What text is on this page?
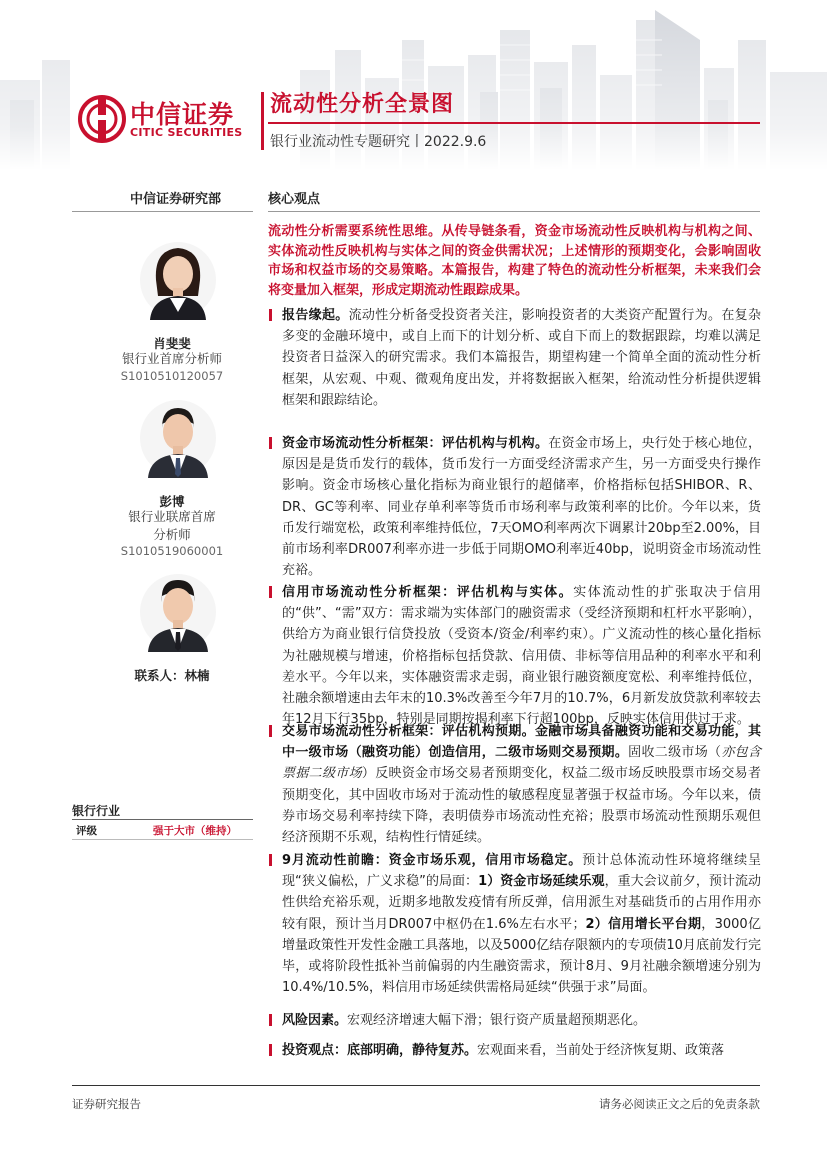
中信证券
CITIC SECURITIES
流动性分析全景图
银行业流动性专题研究丨2022.9.6
中信证券研究部	核心观点
肖斐斐
银行业首席分析师
S1010510120057
彭博
银行业联席首席
分析师
S1010519060001
联系人：林楠
银行行业
评级	强于大市（维持）
流动性分析需要系统性思维。从传导链条看，资金市场流动性反映机构与机构之间、实体流动性反映机构与实体之间的资金供需状况；上述情形的预期变化，会影响固收市场和权益市场的交易策略。本篇报告，构建了特色的流动性分析框架，未来我们会将变量加入框架，形成定期流动性跟踪成果。

报告缘起。流动性分析备受投资者关注，影响投资者的大类资产配置行为。在复杂多变的金融环境中，或自上而下的计划分析、或自下而上的数据跟踪，均难以满足投资者日益深入的研究需求。我们本篇报告，期望构建一个简单全面的流动性分析框架，从宏观、中观、微观角度出发，并将数据嵌入框架，给流动性分析提供逻辑框架和跟踪结论。

资金市场流动性分析框架：评估机构与机构。在资金市场上，央行处于核心地位，原因是是货币发行的载体，货币发行一方面受经济需求产生，另一方面受央行操作影响。资金市场核心量化指标为商业银行的超储率，价格指标包括SHIBOR、R、DR、GC等利率、同业存单利率等货币市场利率与政策利率的比价。今年以来，货币发行端宽松，政策利率维持低位，7天OMO利率两次下调累计20bp至2.00%，目前市场利率DR007利率亦进一步低于同期OMO利率近40bp，说明资金市场流动性充裕。

信用市场流动性分析框架：评估机构与实体。实体流动性的扩张取决于信用的“供”、“需”双方：需求端为实体部门的融资需求（受经济预期和杠杆水平影响），供给方为商业银行信贷投放（受资本/资金/利率约束）。广义流动性的核心量化指标为社融规模与增速，价格指标包括贷款、信用债、非标等信用品种的利率水平和利差水平。今年以来，实体融资需求走弱，商业银行融资额度宽松、利率维持低位，社融余额增速由去年末的10.3%改善至今年7月的10.7%，6月新发放贷款利率较去年12月下行35bp，特别是同期按揭利率下行超100bp，反映实体信用供过于求。

交易市场流动性分析框架：评估机构预期。金融市场具备融资功能和交易功能，其中一级市场（融资功能）创造信用，二级市场则交易预期。固收二级市场（亦包含票据二级市场）反映资金市场交易者预期变化，权益二级市场反映股票市场交易者预期变化，其中固收市场对于流动性的敏感程度显著强于权益市场。今年以来，债券市场交易利率持续下降，表明债券市场流动性充裕；股票市场流动性预期乐观但经济预期不乐观，结构性行情延续。

9月流动性前瞻：资金市场乐观，信用市场稳定。预计总体流动性环境将继续呈现“狭义偏松，广义求稳”的局面：1）资金市场延续乐观，重大会议前夕，预计流动性供给充裕乐观，近期多地散发疫情有所反弹，信用派生对基础货币的占用作用亦较有限，预计当月DR007中枢仍在1.6%左右水平；2）信用增长平台期，3000亿增量政策性开发性金融工具落地，以及5000亿结存限额内的专项债10月底前发行完毕，或将阶段性抵补当前偏弱的内生融资需求，预计8月、9月社融余额增速分别为10.4%/10.5%，料信用市场延续供需格局延续“供强于求”局面。

风险因素。宏观经济增速大幅下滑；银行资产质量超预期恶化。

投资观点：底部明确，静待复苏。宏观面来看，当前处于经济恢复期、政策落

证券研究报告	请务必阅读正文之后的免责条款
